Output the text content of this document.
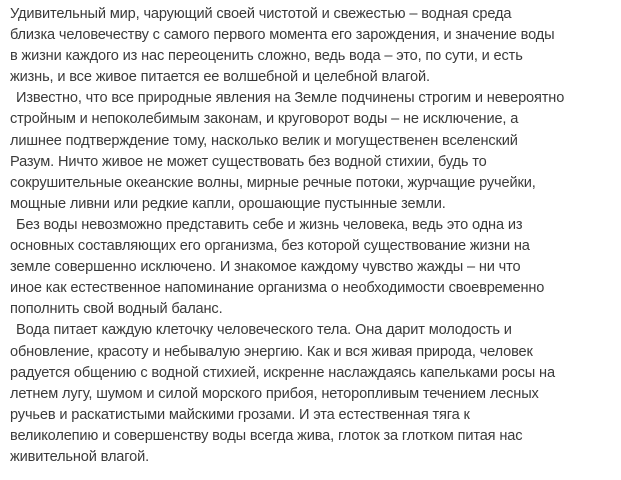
Удивительный мир, чарующий своей чистотой и свежестью – водная среда
близка человечеству с самого первого момента его зарождения, и значение воды
в жизни каждого из нас переоценить сложно, ведь вода – это, по сути, и есть
жизнь, и все живое питается ее волшебной и целебной влагой.
Известно, что все природные явления на Земле подчинены строгим и невероятно
стройным и непоколебимым законам, и круговорот воды – не исключение, а
лишнее подтверждение тому, насколько велик и могущественен вселенский
Разум. Ничто живое не может существовать без водной стихии, будь то
сокрушительные океанские волны, мирные речные потоки, журчащие ручейки,
мощные ливни или редкие капли, орошающие пустынные земли.
Без воды невозможно представить себе и жизнь человека, ведь это одна из
основных составляющих его организма, без которой существование жизни на
земле совершенно исключено. И знакомое каждому чувство жажды – ни что
иное как естественное напоминание организма о необходимости своевременно
пополнить свой водный баланс.
Вода питает каждую клеточку человеческого тела. Она дарит молодость и
обновление, красоту и небывалую энергию. Как и вся живая природа, человек
радуется общению с водной стихией, искренне наслаждаясь капельками росы на
летнем лугу, шумом и силой морского прибоя, неторопливым течением лесных
ручьев и раскатистыми майскими грозами. И эта естественная тяга к
великолепию и совершенству воды всегда жива, глоток за глотком питая нас
живительной влагой.
